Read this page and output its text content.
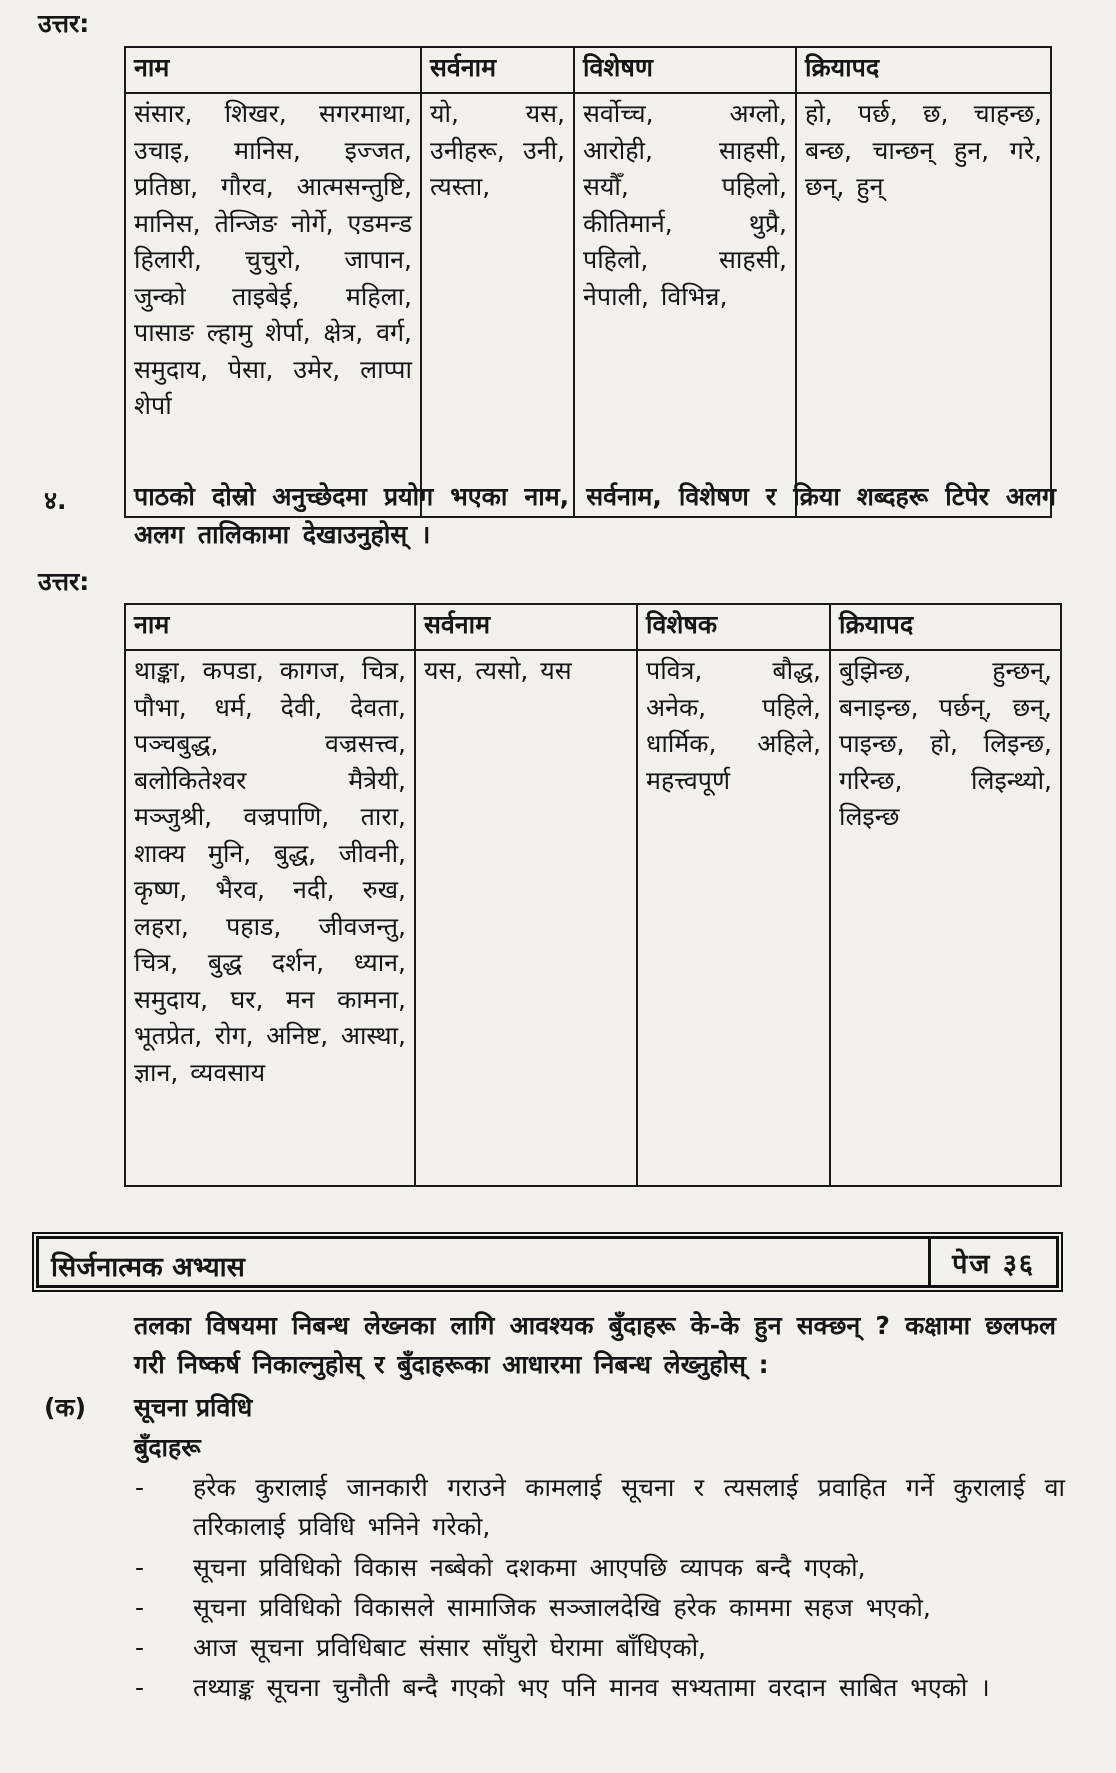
उत्तर:
नाम	सर्वनाम	विशेषण	क्रियापद
संसार, शिखर, सगरमाथा, उचाइ, मानिस, इज्जत, प्रतिष्ठा, गौरव, आत्मसन्तुष्टि, मानिस, तेन्जिङ नोर्गे, एडमन्ड हिलारी, चुचुरो, जापान, जुन्को ताइबेई, महिला, पासाङ ल्हामु शेर्पा, क्षेत्र, वर्ग, समुदाय, पेसा, उमेर, लाप्पा शेर्पा	यो, यस, उनीहरू, उनी, त्यस्ता,	सर्वोच्च, अग्लो, आरोही, साहसी, सयौँ, पहिलो, कीतिमार्न, थुप्रै, पहिलो, साहसी, नेपाली, विभिन्न,	हो, पर्छ, छ, चाहन्छ, बन्छ, चान्छन् हुन, गरे, छन्, हुन्
४.	पाठको दोस्रो अनुच्छेदमा प्रयोग भएका नाम, सर्वनाम, विशेषण र क्रिया शब्दहरू टिपेर अलग अलग तालिकामा देखाउनुहोस् ।
उत्तर:
नाम	सर्वनाम	विशेषक	क्रियापद
थाङ्का, कपडा, कागज, चित्र, पौभा, धर्म, देवी, देवता, पञ्चबुद्ध, वज्रसत्त्व, बलोकितेश्वर मैत्रेयी, मञ्जुश्री, वज्रपाणि, तारा, शाक्य मुनि, बुद्ध, जीवनी, कृष्ण, भैरव, नदी, रुख, लहरा, पहाड, जीवजन्तु, चित्र, बुद्ध दर्शन, ध्यान, समुदाय, घर, मन कामना, भूतप्रेत, रोग, अनिष्ट, आस्था, ज्ञान, व्यवसाय	यस, त्यसो, यस	पवित्र, बौद्ध, अनेक, पहिले, धार्मिक, अहिले, महत्त्वपूर्ण	बुझिन्छ, हुन्छन्, बनाइन्छ, पर्छन्, छन्, पाइन्छ, हो, लिइन्छ, गरिन्छ, लिइन्थ्यो, लिइन्छ
सिर्जनात्मक अभ्यास	पेज ३६
तलका विषयमा निबन्ध लेख्नका लागि आवश्यक बुँदाहरू के-के हुन सक्छन् ? कक्षामा छलफल गरी निष्कर्ष निकाल्नुहोस् र बुँदाहरूका आधारमा निबन्ध लेख्नुहोस् :
(क) सूचना प्रविधि
बुँदाहरू
-	हरेक कुरालाई जानकारी गराउने कामलाई सूचना र त्यसलाई प्रवाहित गर्ने कुरालाई वा तरिकालाई प्रविधि भनिने गरेको,
-	सूचना प्रविधिको विकास नब्बेको दशकमा आएपछि व्यापक बन्दै गएको,
-	सूचना प्रविधिको विकासले सामाजिक सञ्जालदेखि हरेक काममा सहज भएको,
-	आज सूचना प्रविधिबाट संसार साँघुरो घेरामा बाँधिएको,
-	तथ्याङ्क सूचना चुनौती बन्दै गएको भए पनि मानव सभ्यतामा वरदान साबित भएको ।
